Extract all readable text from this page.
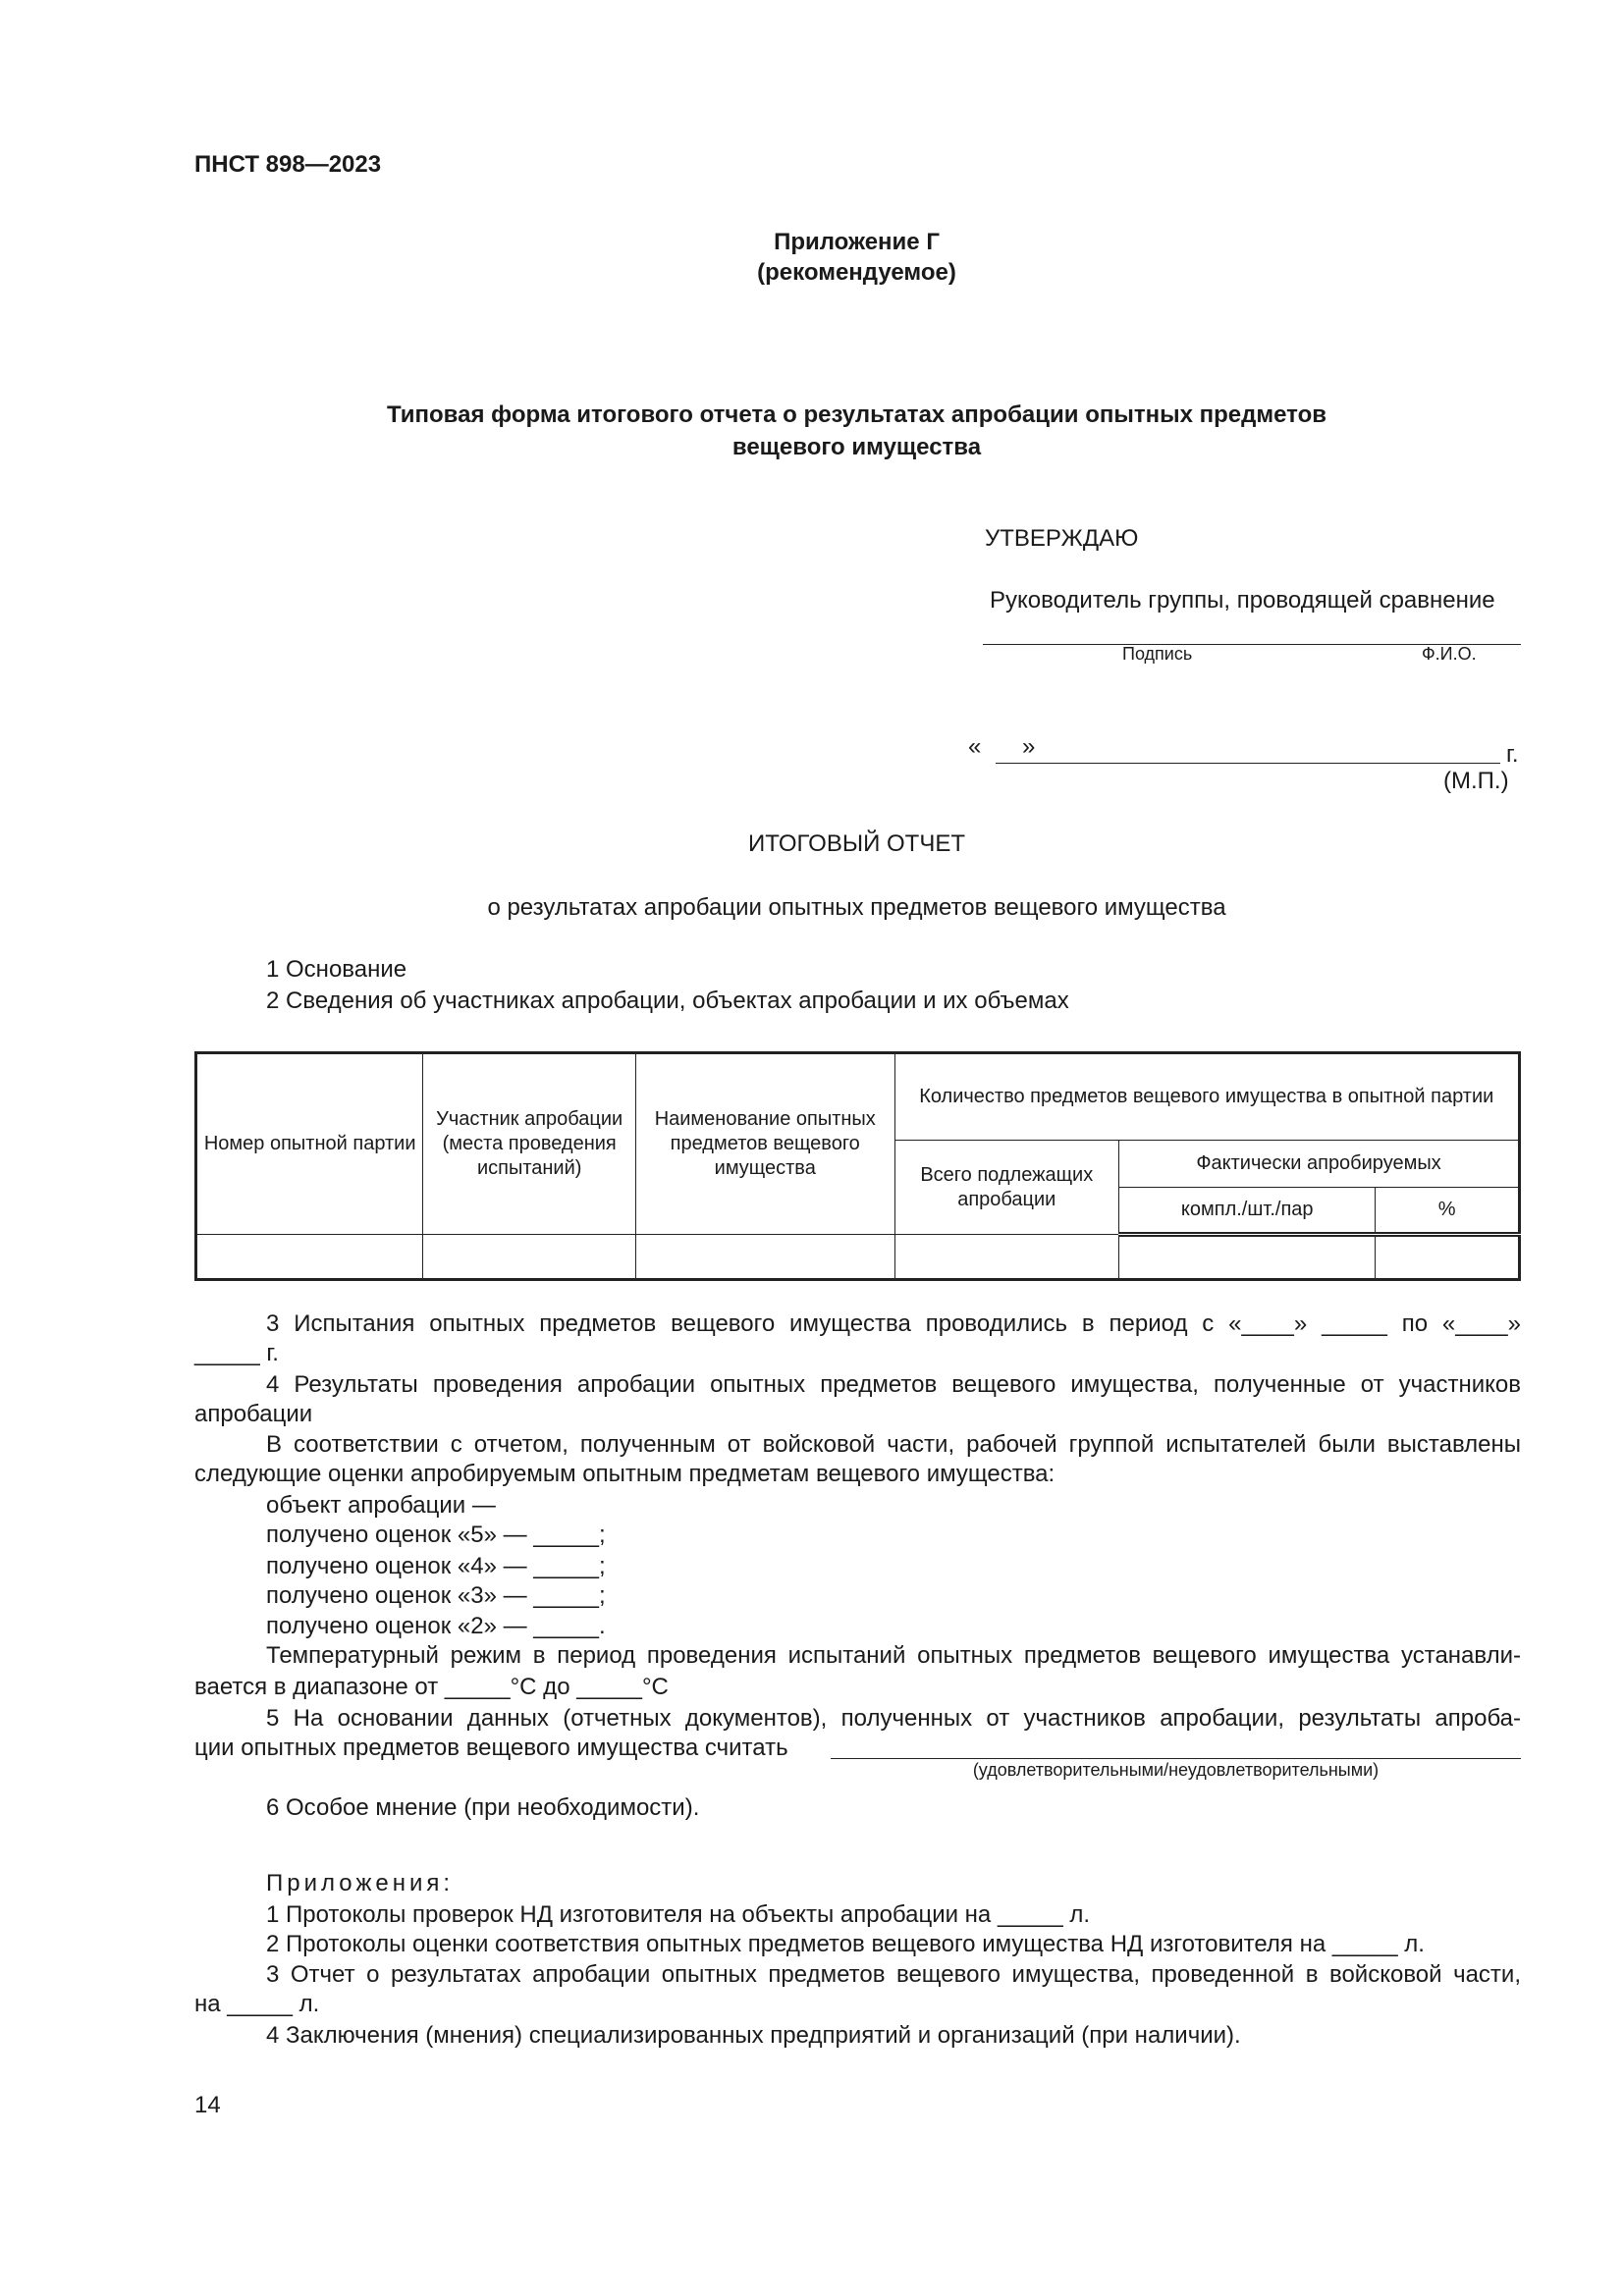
ПНСТ 898—2023
Приложение Г
(рекомендуемое)
Типовая форма итогового отчета о результатах апробации опытных предметов
вещевого имущества
УТВЕРЖДАЮ
Руководитель группы, проводящей сравнение
Подпись	Ф.И.О.
« »	г.
(М.П.)
ИТОГОВЫЙ ОТЧЕТ
о результатах апробации опытных предметов вещевого имущества
1 Основание
2 Сведения об участниках апробации, объектах апробации и их объемах
Номер опытной партии	Участник апробации (места проведения испытаний)	Наименование опытных предметов вещевого имущества	Количество предметов вещевого имущества в опытной партии		
			Всего подлежащих апробации	Фактически апробируемых	
				компл./шт./пар	%

3 Испытания опытных предметов вещевого имущества проводились в период с «____» _____ по «____»
_____ г.
4 Результаты проведения апробации опытных предметов вещевого имущества, полученные от участников
апробации
В соответствии с отчетом, полученным от войсковой части, рабочей группой испытателей были выставлены
следующие оценки апробируемым опытным предметам вещевого имущества:
объект апробации —
получено оценок «5» — _____;
получено оценок «4» — _____;
получено оценок «3» — _____;
получено оценок «2» — _____.
Температурный режим в период проведения испытаний опытных предметов вещевого имущества устанавли-
вается в диапазоне от _____°С до _____°С
5 На основании данных (отчетных документов), полученных от участников апробации, результаты апроба-
ции опытных предметов вещевого имущества считать
(удовлетворительными/неудовлетворительными)
6 Особое мнение (при необходимости).
Приложения:
1 Протоколы проверок НД изготовителя на объекты апробации на _____ л.
2 Протоколы оценки соответствия опытных предметов вещевого имущества НД изготовителя на _____ л.
3 Отчет о результатах апробации опытных предметов вещевого имущества, проведенной в войсковой части,
на _____ л.
4 Заключения (мнения) специализированных предприятий и организаций (при наличии).
14
